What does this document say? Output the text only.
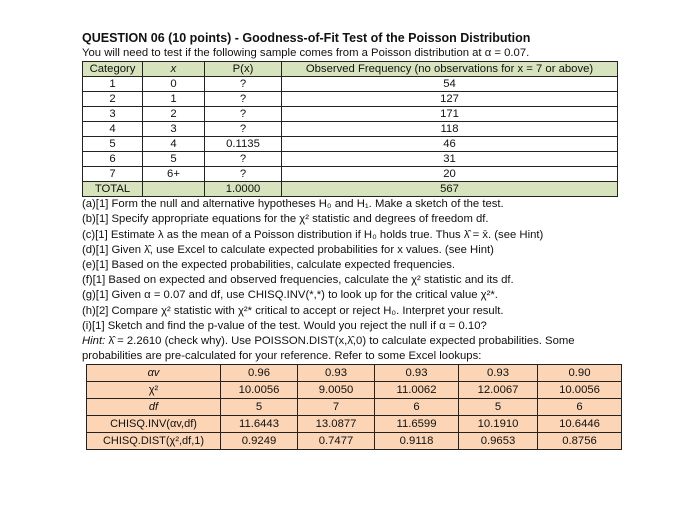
QUESTION 06 (10 points) - Goodness-of-Fit Test of the Poisson Distribution
You will need to test if the following sample comes from a Poisson distribution at α = 0.07.
Category	x	P(x)	Observed Frequency (no observations for x = 7 or above)
1	0	?	54
2	1	?	127
3	2	?	171
4	3	?	118
5	4	0.1135	46
6	5	?	31
7	6+	?	20
TOTAL		1.0000	567
(a)[1] Form the null and alternative hypotheses H₀ and H₁. Make a sketch of the test.
(b)[1] Specify appropriate equations for the χ² statistic and degrees of freedom df.
(c)[1] Estimate λ as the mean of a Poisson distribution if H₀ holds true. Thus λ̂ = x̄. (see Hint)
(d)[1] Given λ̂, use Excel to calculate expected probabilities for x values. (see Hint)
(e)[1] Based on the expected probabilities, calculate expected frequencies.
(f)[1] Based on expected and observed frequencies, calculate the χ² statistic and its df.
(g)[1] Given α = 0.07 and df, use CHISQ.INV(*,*) to look up for the critical value χ²*.
(h)[2] Compare χ² statistic with χ²* critical to accept or reject H₀. Interpret your result.
(i)[1] Sketch and find the p-value of the test. Would you reject the null if α = 0.10?
Hint: λ̂ = 2.2610 (check why). Use POISSON.DIST(x,λ̂,0) to calculate expected probabilities. Some
probabilities are pre-calculated for your reference. Refer to some Excel lookups:
αv	0.96	0.93	0.93	0.93	0.90
χ²	10.0056	9.0050	11.0062	12.0067	10.0056
df	5	7	6	5	6
CHISQ.INV(αv,df)	11.6443	13.0877	11.6599	10.1910	10.6446
CHISQ.DIST(χ²,df,1)	0.9249	0.7477	0.9118	0.9653	0.8756
